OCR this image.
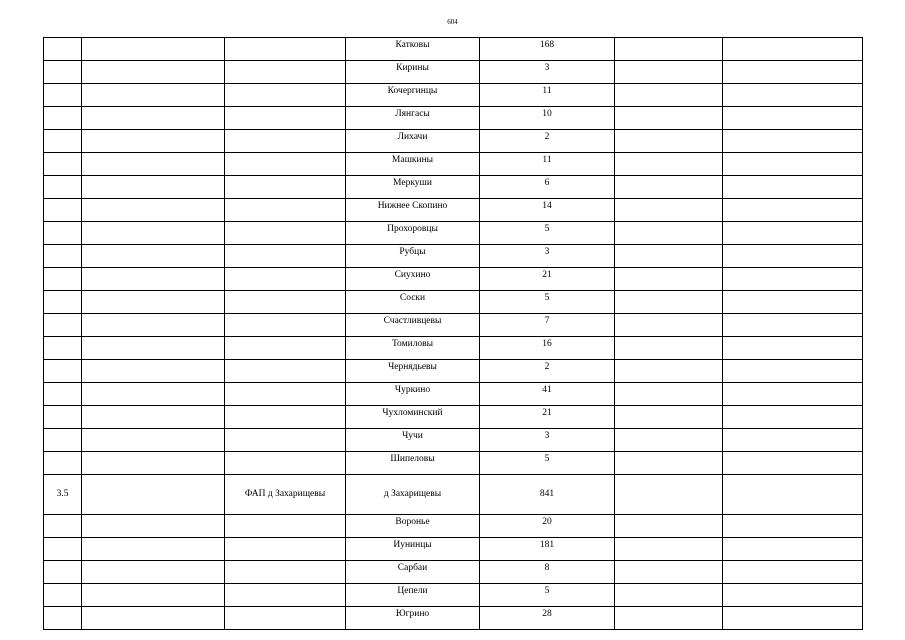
604
			Катковы	168		
			Кирины	3		
			Кочергинцы	11		
			Лянгасы	10		
			Лихачи	2		
			Машкины	11		
			Меркуши	6		
			Нижнее Скопино	14		
			Прохоровцы	5		
			Рубцы	3		
			Сиухино	21		
			Соски	5		
			Счастливцевы	7		
			Томиловы	16		
			Чернядьевы	2		
			Чуркино	41		
			Чухломинский	21		
			Чучи	3		
			Шипеловы	5		
3.5		ФАП д Захарищевы	д Захарищевы	841		
			Воронье	20		
			Иунинцы	181		
			Сарбаи	8		
			Цепели	5		
			Югрино	28		
